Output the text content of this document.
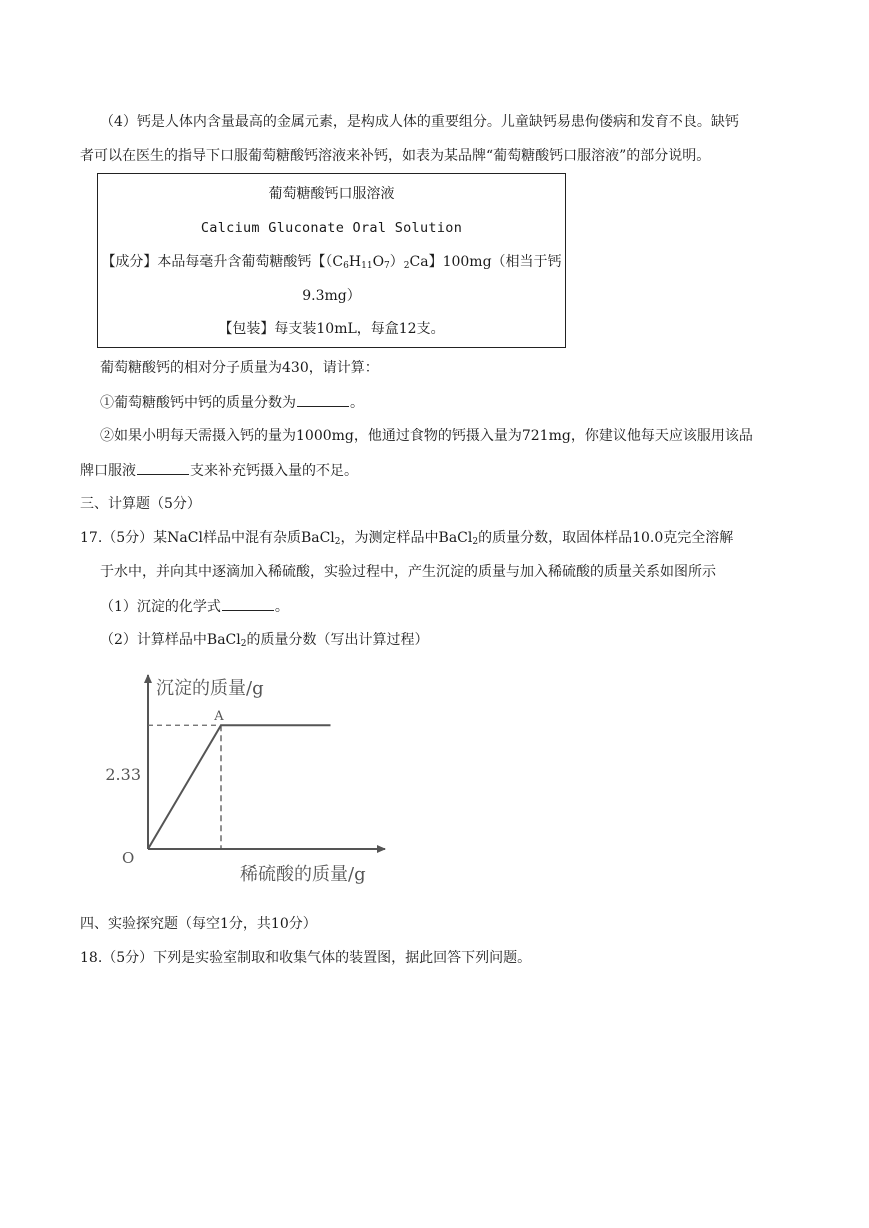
（4）钙是人体内含量最高的金属元素，是构成人体的重要组分。儿童缺钙易患佝偻病和发育不良。缺钙
者可以在医生的指导下口服葡萄糖酸钙溶液来补钙，如表为某品牌“葡萄糖酸钙口服溶液”的部分说明。
葡萄糖酸钙口服溶液
Calcium Gluconate Oral Solution
【成分】本品每毫升含葡萄糖酸钙【$(C_6H_{11}O_7)_2Ca$】100mg（相当于钙
9.3mg）
【包装】每支装10mL，每盒12支。
葡萄糖酸钙的相对分子质量为430，请计算：
①葡萄糖酸钙中钙的质量分数为	。
②如果小明每天需摄入钙的量为1000mg，他通过食物的钙摄入量为721mg，你建议他每天应该服用该品
牌口服液	支来补充钙摄入量的不足。
三、计算题（5分）
17.（5分）某NaCl样品中混有杂质BaCl$_2$，为测定样品中BaCl$_2$的质量分数，取固体样品10.0克完全溶解
于水中，并向其中逐滴加入稀硫酸，实验过程中，产生沉淀的质量与加入稀硫酸的质量关系如图所示
（1）沉淀的化学式	。
（2）计算样品中BaCl$_2$的质量分数（写出计算过程）
沉淀的质量/g
稀硫酸的质量/g
O
2.33
A
四、实验探究题（每空1分，共10分）
18.（5分）下列是实验室制取和收集气体的装置图，据此回答下列问题。
